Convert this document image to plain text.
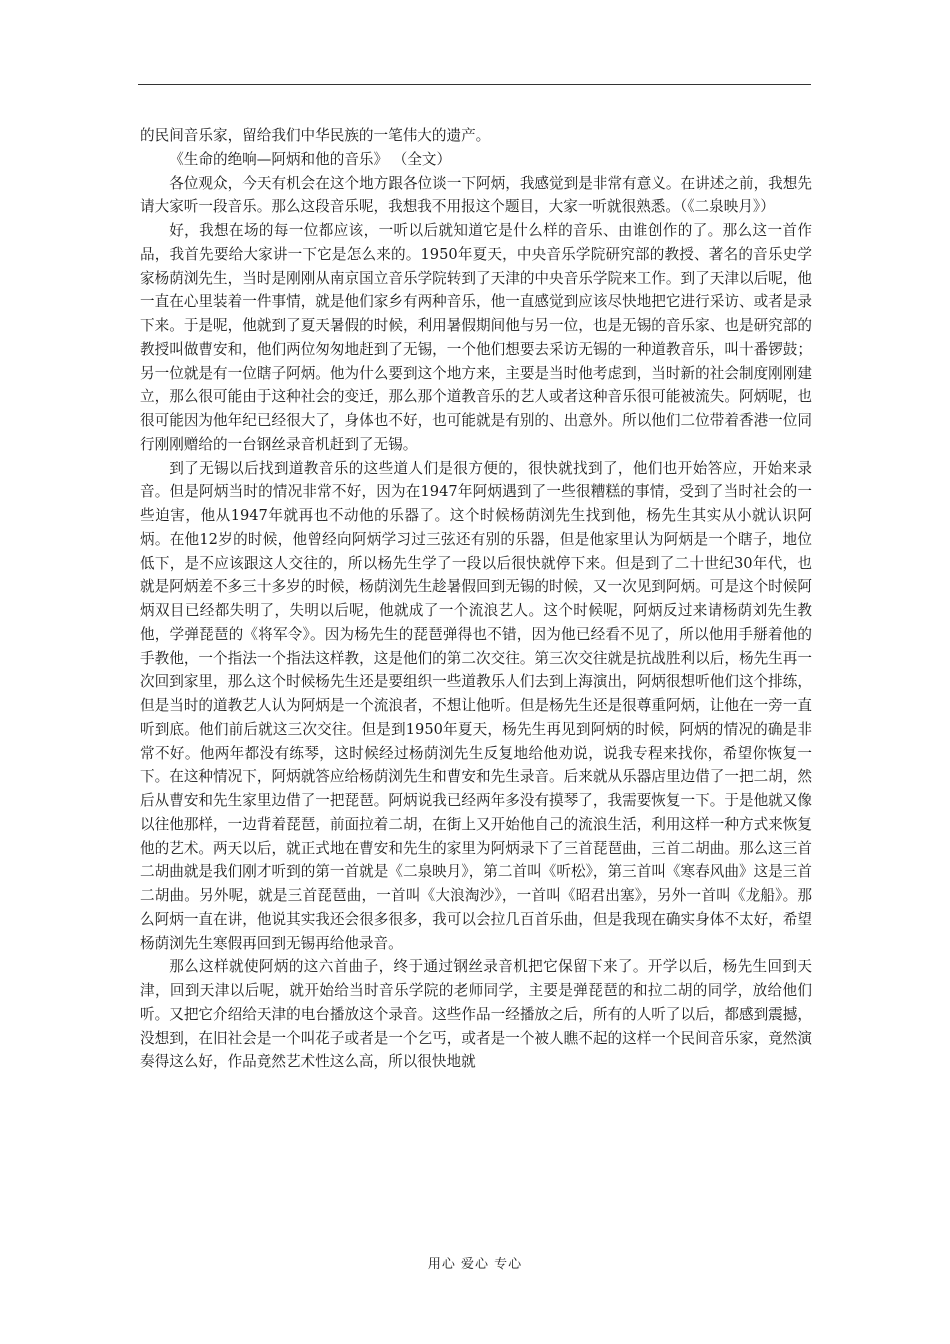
的民间音乐家，留给我们中华民族的一笔伟大的遗产。

《生命的绝响—阿炳和他的音乐》 （全文）

各位观众，今天有机会在这个地方跟各位谈一下阿炳，我感觉到是非常有意义。在讲述之前，我想先请大家听一段音乐。那么这段音乐呢，我想我不用报这个题目，大家一听就很熟悉。（《二泉映月》）

好，我想在场的每一位都应该，一听以后就知道它是什么样的音乐、由谁创作的了。那么这一首作品，我首先要给大家讲一下它是怎么来的。1950年夏天，中央音乐学院研究部的教授、著名的音乐史学家杨荫浏先生，当时是刚刚从南京国立音乐学院转到了天津的中央音乐学院来工作。到了天津以后呢，他一直在心里装着一件事情，就是他们家乡有两种音乐，他一直感觉到应该尽快地把它进行采访、或者是录下来。于是呢，他就到了夏天暑假的时候，利用暑假期间他与另一位，也是无锡的音乐家、也是研究部的教授叫做曹安和，他们两位匆匆地赶到了无锡，一个他们想要去采访无锡的一种道教音乐，叫十番锣鼓；另一位就是有一位瞎子阿炳。他为什么要到这个地方来，主要是当时他考虑到，当时新的社会制度刚刚建立，那么很可能由于这种社会的变迁，那么那个道教音乐的艺人或者这种音乐很可能被流失。阿炳呢，也很可能因为他年纪已经很大了，身体也不好，也可能就是有别的、出意外。所以他们二位带着香港一位同行刚刚赠给的一台钢丝录音机赶到了无锡。

到了无锡以后找到道教音乐的这些道人们是很方便的，很快就找到了，他们也开始答应，开始来录音。但是阿炳当时的情况非常不好，因为在1947年阿炳遇到了一些很糟糕的事情，受到了当时社会的一些迫害，他从1947年就再也不动他的乐器了。这个时候杨荫浏先生找到他，杨先生其实从小就认识阿炳。在他12岁的时候，他曾经向阿炳学习过三弦还有别的乐器，但是他家里认为阿炳是一个瞎子，地位低下，是不应该跟这人交往的，所以杨先生学了一段以后很快就停下来。但是到了二十世纪30年代，也就是阿炳差不多三十多岁的时候，杨荫浏先生趁暑假回到无锡的时候，又一次见到阿炳。可是这个时候阿炳双目已经都失明了，失明以后呢，他就成了一个流浪艺人。这个时候呢，阿炳反过来请杨荫刘先生教他，学弹琵琶的《将军令》。因为杨先生的琵琶弹得也不错，因为他已经看不见了，所以他用手掰着他的手教他，一个指法一个指法这样教，这是他们的第二次交往。第三次交往就是抗战胜利以后，杨先生再一次回到家里，那么这个时候杨先生还是要组织一些道教乐人们去到上海演出，阿炳很想听他们这个排练，但是当时的道教艺人认为阿炳是一个流浪者，不想让他听。但是杨先生还是很尊重阿炳，让他在一旁一直听到底。他们前后就这三次交往。但是到1950年夏天，杨先生再见到阿炳的时候，阿炳的情况的确是非常不好。他两年都没有练琴，这时候经过杨荫浏先生反复地给他劝说，说我专程来找你，希望你恢复一下。在这种情况下，阿炳就答应给杨荫浏先生和曹安和先生录音。后来就从乐器店里边借了一把二胡，然后从曹安和先生家里边借了一把琵琶。阿炳说我已经两年多没有摸琴了，我需要恢复一下。于是他就又像以往他那样，一边背着琵琶，前面拉着二胡，在街上又开始他自己的流浪生活，利用这样一种方式来恢复他的艺术。两天以后，就正式地在曹安和先生的家里为阿炳录下了三首琵琶曲，三首二胡曲。那么这三首二胡曲就是我们刚才听到的第一首就是《二泉映月》，第二首叫《听松》，第三首叫《寒春风曲》这是三首二胡曲。另外呢，就是三首琵琶曲，一首叫《大浪淘沙》，一首叫《昭君出塞》，另外一首叫《龙船》。那么阿炳一直在讲，他说其实我还会很多很多，我可以会拉几百首乐曲，但是我现在确实身体不太好，希望杨荫浏先生寒假再回到无锡再给他录音。

那么这样就使阿炳的这六首曲子，终于通过钢丝录音机把它保留下来了。开学以后，杨先生回到天津，回到天津以后呢，就开始给当时音乐学院的老师同学，主要是弹琵琶的和拉二胡的同学，放给他们听。又把它介绍给天津的电台播放这个录音。这些作品一经播放之后，所有的人听了以后，都感到震撼，没想到，在旧社会是一个叫花子或者是一个乞丐，或者是一个被人瞧不起的这样一个民间音乐家，竟然演奏得这么好，作品竟然艺术性这么高，所以很快地就

用心 爱心 专心
